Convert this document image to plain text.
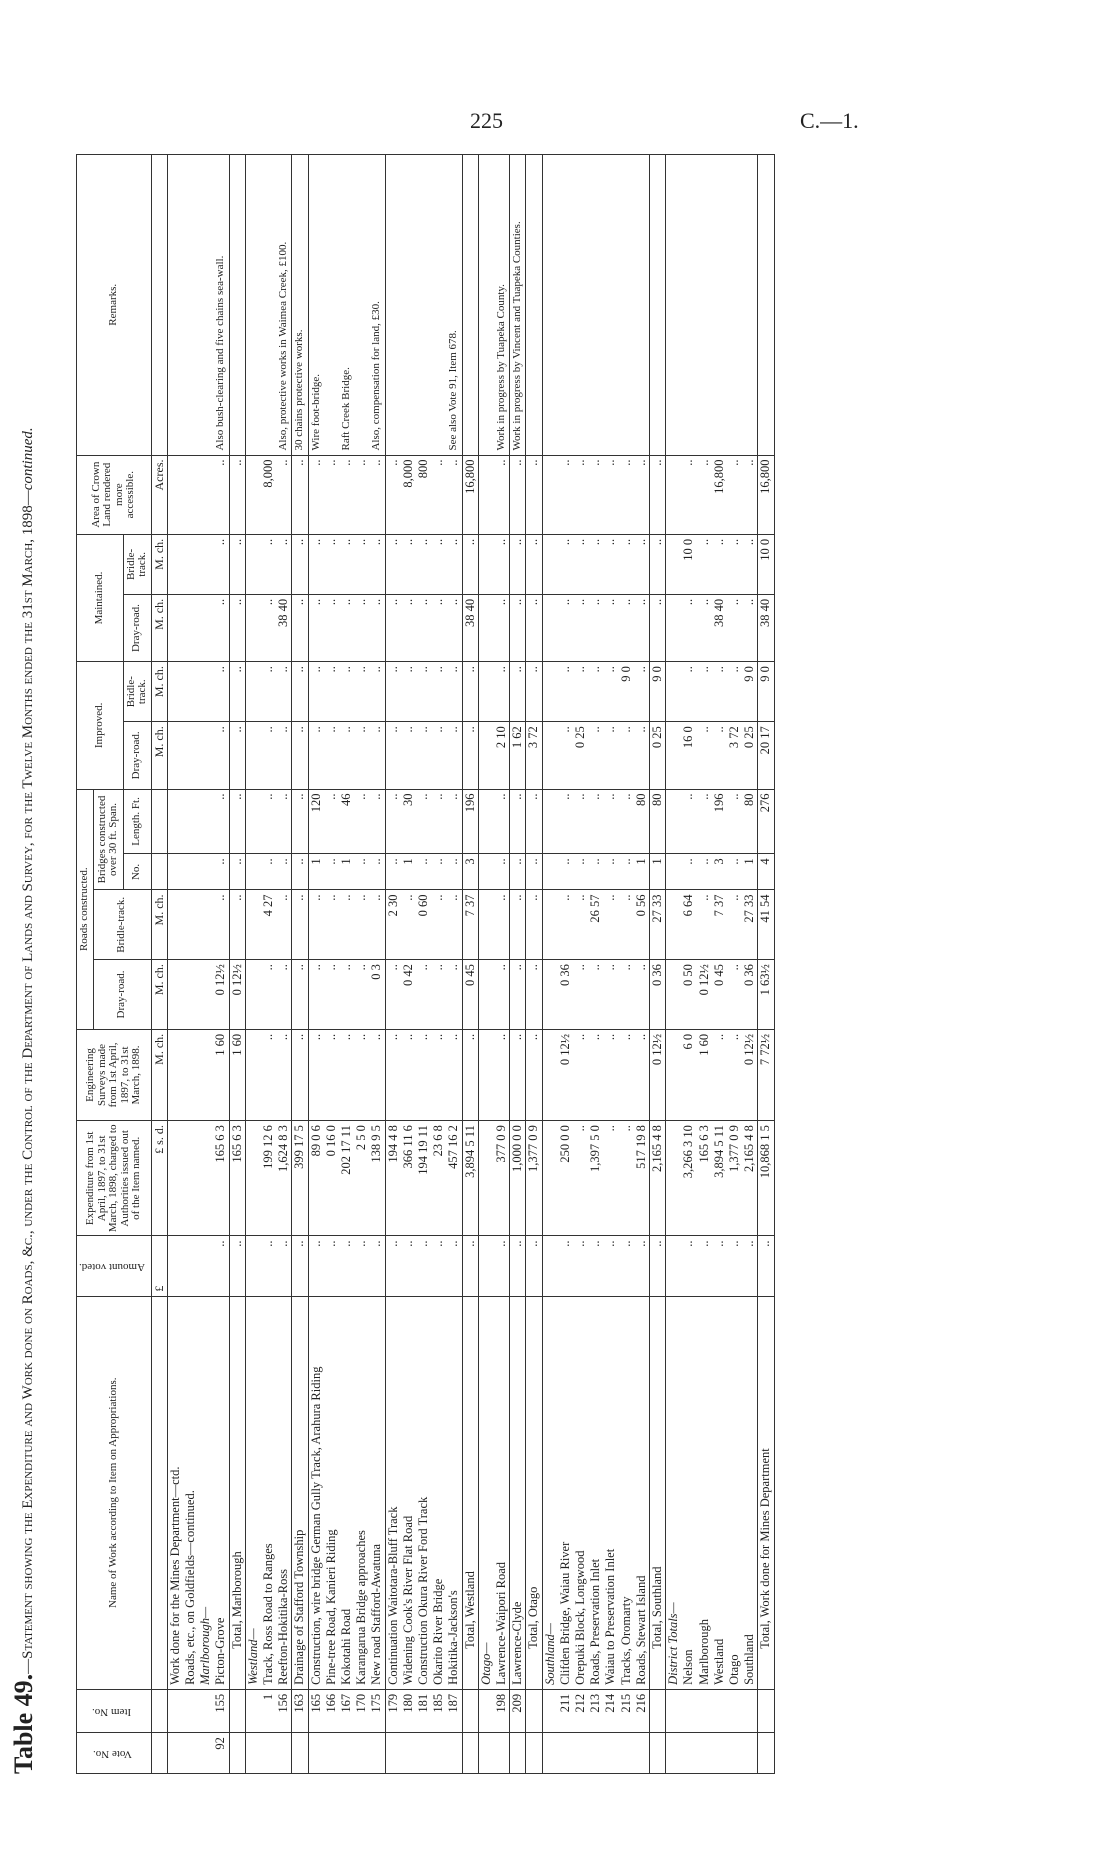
225	C.—1.
Table 49.—Statement showing the Expenditure and Work done on Roads, &c., under the Control of the Department of Lands and Survey, for the Twelve Months ended the 31st March, 1898—continued.
Vote No.	Item No.	Name of Work according to Item on Appropriations.	Amount voted.	Expenditure from 1st April, 1897, to 31st March, 1898, charged to Authorities issued out of the Item named.	Engineering Surveys made from 1st April, 1897, to 31st March, 1898.	Roads constructed.				Improved.		Maintained.		Area of Crown Land rendered more accessible.	Remarks.
						Dray-road.	Bridle-track.	Bridges constructed over 30 ft. Span.							
								No.	Length. Ft.	Dray-road.	Bridle-track.	Dray-road.	Bridle-track.		
			£	£ s. d.	M. ch.	M. ch.	M. ch.			M. ch.	M. ch.	M. ch.	M. ch.	Acres.	
		Work done for the Mines Department—ctd.													
		Roads, etc., on Goldfields—continued.													
		Marlborough—													
92	155	Picton-Grove	..	165 6 3	1 60	0 12½	..	..	..	..	..	..	..	..	Also bush-clearing and five chains sea-wall.
		Total, Marlborough	..	165 6 3	1 60	0 12½	..	..	..	..	..	..	..	..	
		Westland—													
	1	Track, Ross Road to Ranges	..	199 12 6	..	..	4 27	..	..	..	..	..	..	8,000	
	156	Reefton-Hokitika-Ross	..	1,624 8 3	..	..	..	..	..	..	..	38 40	..	..	Also, protective works in Waimea Creek, £100.
	163	Drainage of Stafford Township	..	399 17 5	..	..	..	..	..	..	..	..	..	..	30 chains protective works.
	165	Construction, wire bridge German Gully Track, Arahura Riding	..	89 0 6	..	..	..	1	120	..	..	..	..	..	Wire foot-bridge.
	166	Pine-tree Road, Kanieri Riding	..	0 16 0	..	..	..	..	..	..	..	..	..	..	
	167	Kokotahi Road	..	202 17 11	..	..	..	1	46	..	..	..	..	..	Raft Creek Bridge.
	170	Karangarua Bridge approaches	..	2 5 0	..	..	..	..	..	..	..	..	..	..	
	175	New road Stafford-Awatuna	..	138 9 5	..	0 3	..	..	..	..	..	..	..	..	Also, compensation for land, £30.
	179	Continuation Waitotara-Bluff Track	..	194 4 8	..	..	2 30	..	..	..	..	..	..	..	
	180	Widening Cook's River Flat Road	..	366 11 6	..	0 42	..	1	30	..	..	..	..	8,000	
	181	Construction Okura River Ford Track	..	194 19 11	..	..	0 60	..	..	..	..	..	..	800	
	185	Okarito River Bridge	..	23 6 8	..	..	..	..	..	..	..	..	..	..	
	187	Hokitika-Jackson's	..	457 16 2	..	..	..	..	..	..	..	..	..	..	See also Vote 91, Item 678.
		Total, Westland	..	3,894 5 11	..	0 45	7 37	3	196	..	..	38 40	..	16,800	
		Otago—													
	198	Lawrence-Waipori Road	..	377 0 9	..	..	..	..	..	2 10	..	..	..	..	Work in progress by Tuapeka County.
	209	Lawrence-Clyde	..	1,000 0 0	..	..	..	..	..	1 62	..	..	..	..	Work in progress by Vincent and Tuapeka Counties.
		Total, Otago	..	1,377 0 9	..	..	..	..	..	3 72	..	..	..	..	
		Southland—													
	211	Clifden Bridge, Waiau River	..	250 0 0	0 12½	0 36	..	..	..	..	..	..	..	..	
	212	Orepuki Block, Longwood	..	..	..	..	..	..	..	0 25	..	..	..	..	
	213	Roads, Preservation Inlet	..	1,397 5 0	..	..	26 57	..	..	..	..	..	..	..	
	214	Waiau to Preservation Inlet	..	..	..	..	..	..	..	..	..	..	..	..	
	215	Tracks, Oromarty	..	..	..	..	..	..	..	..	9 0	..	..	..	
	216	Roads, Stewart Island	..	517 19 8	..	..	0 56	1	80	..	..	..	..	..	
		Total, Southland	..	2,165 4 8	0 12½	0 36	27 33	1	80	0 25	9 0	..	..	..	
		District Totals—													
		Nelson	..	3,266 3 10	6 0	0 50	6 64	..	..	16 0	..	..	10 0	..	
		Marlborough	..	165 6 3	1 60	0 12½	..	..	..	..	..	..	..	..	
		Westland	..	3,894 5 11	..	0 45	7 37	3	196	..	..	38 40	..	16,800	
		Otago	..	1,377 0 9	..	..	..	..	..	3 72	..	..	..	..	
		Southland	..	2,165 4 8	0 12½	0 36	27 33	1	80	0 25	9 0	..	..	..	
		Total, Work done for Mines Department	..	10,868 1 5	7 72½	1 63½	41 54	4	276	20 17	9 0	38 40	10 0	16,800	
